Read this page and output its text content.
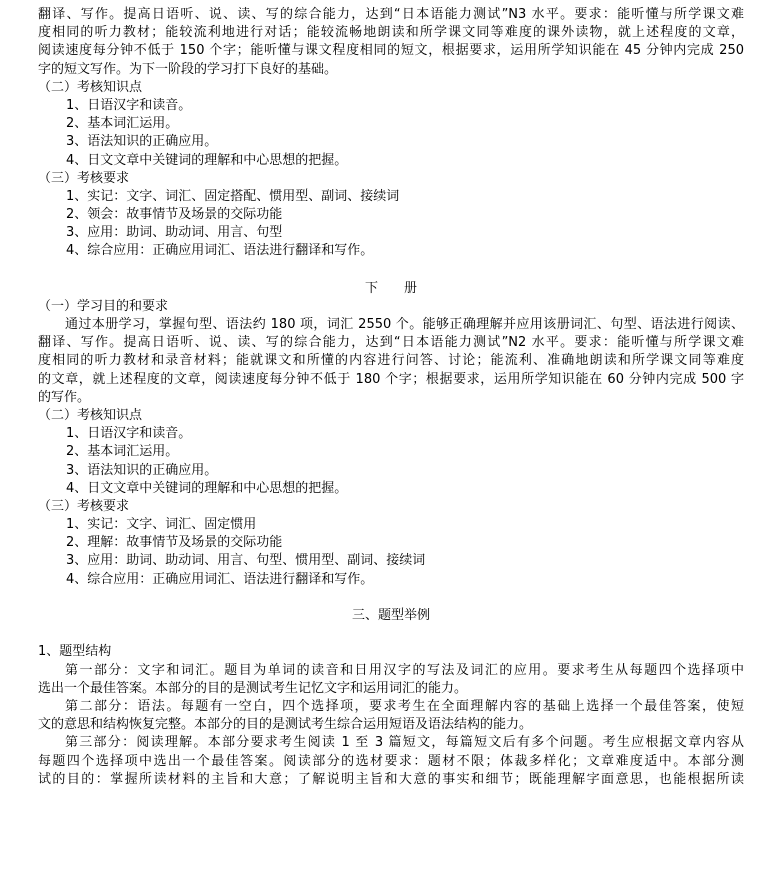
翻译、写作。提高日语听、说、读、写的综合能力，达到“日本语能力测试”N3 水平。要求：能听懂与所学课文难
度相同的听力教材；能较流利地进行对话；能较流畅地朗读和所学课文同等难度的课外读物，就上述程度的文章，
阅读速度每分钟不低于 150 个字；能听懂与课文程度相同的短文，根据要求，运用所学知识能在 45 分钟内完成 250
字的短文写作。为下一阶段的学习打下良好的基础。
（二）考核知识点
1、日语汉字和读音。
2、基本词汇运用。
3、语法知识的正确应用。
4、日文文章中关键词的理解和中心思想的把握。
（三）考核要求
1、实记：文字、词汇、固定搭配、惯用型、副词、接续词
2、领会：故事情节及场景的交际功能
3、应用：助词、助动词、用言、句型
4、综合应用：正确应用词汇、语法进行翻译和写作。
下　　册
（一）学习目的和要求
通过本册学习，掌握句型、语法约 180 项，词汇 2550 个。能够正确理解并应用该册词汇、句型、语法进行阅读、
翻译、写作。提高日语听、说、读、写的综合能力，达到“日本语能力测试”N2 水平。要求：能听懂与所学课文难
度相同的听力教材和录音材料；能就课文和所懂的内容进行问答、讨论；能流利、准确地朗读和所学课文同等难度
的文章，就上述程度的文章，阅读速度每分钟不低于 180 个字；根据要求，运用所学知识能在 60 分钟内完成 500 字
的写作。
（二）考核知识点
1、日语汉字和读音。
2、基本词汇运用。
3、语法知识的正确应用。
4、日文文章中关键词的理解和中心思想的把握。
（三）考核要求
1、实记：文字、词汇、固定惯用
2、理解：故事情节及场景的交际功能
3、应用：助词、助动词、用言、句型、惯用型、副词、接续词
4、综合应用：正确应用词汇、语法进行翻译和写作。
三、题型举例
1、题型结构
第一部分：文字和词汇。题目为单词的读音和日用汉字的写法及词汇的应用。要求考生从每题四个选择项中
选出一个最佳答案。本部分的目的是测试考生记忆文字和运用词汇的能力。
第二部分：语法。每题有一空白，四个选择项，要求考生在全面理解内容的基础上选择一个最佳答案，使短
文的意思和结构恢复完整。本部分的目的是测试考生综合运用短语及语法结构的能力。
第三部分：阅读理解。本部分要求考生阅读 1 至 3 篇短文，每篇短文后有多个问题。考生应根据文章内容从
每题四个选择项中选出一个最佳答案。阅读部分的选材要求：题材不限；体裁多样化；文章难度适中。本部分测
试的目的：掌握所读材料的主旨和大意；了解说明主旨和大意的事实和细节；既能理解字面意思，也能根据所读
